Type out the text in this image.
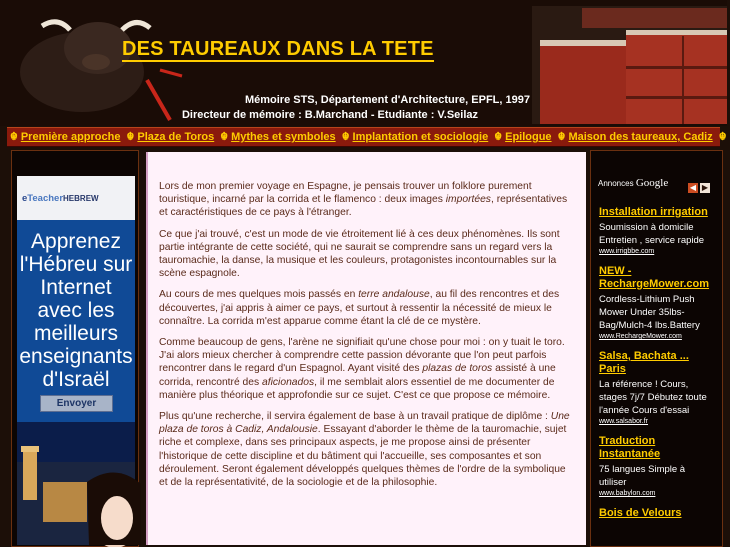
DES TAUREAUX DANS LA TETE
Mémoire STS, Département d'Architecture, EPFL, 1997
Directeur de mémoire : B.Marchand - Etudiante : V.Seilaz
☬ Première approche ☬ Plaza de Toros ☬ Mythes et symboles ☬ Implantation et sociologie ☬ Epilogue ☬ Maison des taureaux, Cadiz ☬
e Teacher HEBREW
Apprenez l'Hébreu sur Internet avec les meilleurs enseignants d'Israël
Envoyer

Lors de mon premier voyage en Espagne, je pensais trouver un folklore purement touristique, incarné par la corrida et le flamenco : deux images importées, représentatives et caractéristiques de ce pays à l'étranger.

Ce que j'ai trouvé, c'est un mode de vie étroitement lié à ces deux phénomènes. Ils sont partie intégrante de cette société, qui ne saurait se comprendre sans un regard vers la tauromachie, la danse, la musique et les couleurs, protagonistes incontournables sur la scène espagnole.

Au cours de mes quelques mois passés en terre andalouse, au fil des rencontres et des découvertes, j'ai appris à aimer ce pays, et surtout à ressentir la nécessité de mieux le connaître. La corrida m'est apparue comme étant la clé de ce mystère.

Comme beaucoup de gens, l'arène ne signifiait qu'une chose pour moi : on y tuait le toro. J'ai alors mieux chercher à comprendre cette passion dévorante que l'on peut parfois rencontrer dans le regard d'un Espagnol. Ayant visité des plazas de toros assisté à une corrida, rencontré des aficionados, il me semblait alors essentiel de me documenter de manière plus théorique et approfondie sur ce sujet. C'est ce que propose ce mémoire.

Plus qu'une recherche, il servira également de base à un travail pratique de diplôme : Une plaza de toros à Cadiz, Andalousie. Essayant d'aborder le thème de la tauromachie, sujet riche et complexe, dans ses principaux aspects, je me propose ainsi de présenter l'historique de cette discipline et du bâtiment qui l'accueille, ses composantes et son déroulement. Seront également développés quelques thèmes de l'ordre de la symbolique et de la représentativité, de la sociologie et de la philosophie.

Annonces Google	◀ ▶
Installation irrigation
Soumission à domicile Entretien , service rapide
www.irrigbbe.com
NEW - RechargeMower.com
Cordless-Lithium Push Mower Under 35lbs- Bag/Mulch-4 lbs.Battery
www.RechargeMower.com
Salsa, Bachata ... Paris
La référence ! Cours, stages 7j/7 Débutez toute l'année Cours d'essai
www.salsabor.fr
Traduction Instantanée
75 langues Simple à utiliser
www.babylon.com
Bois de Velours
